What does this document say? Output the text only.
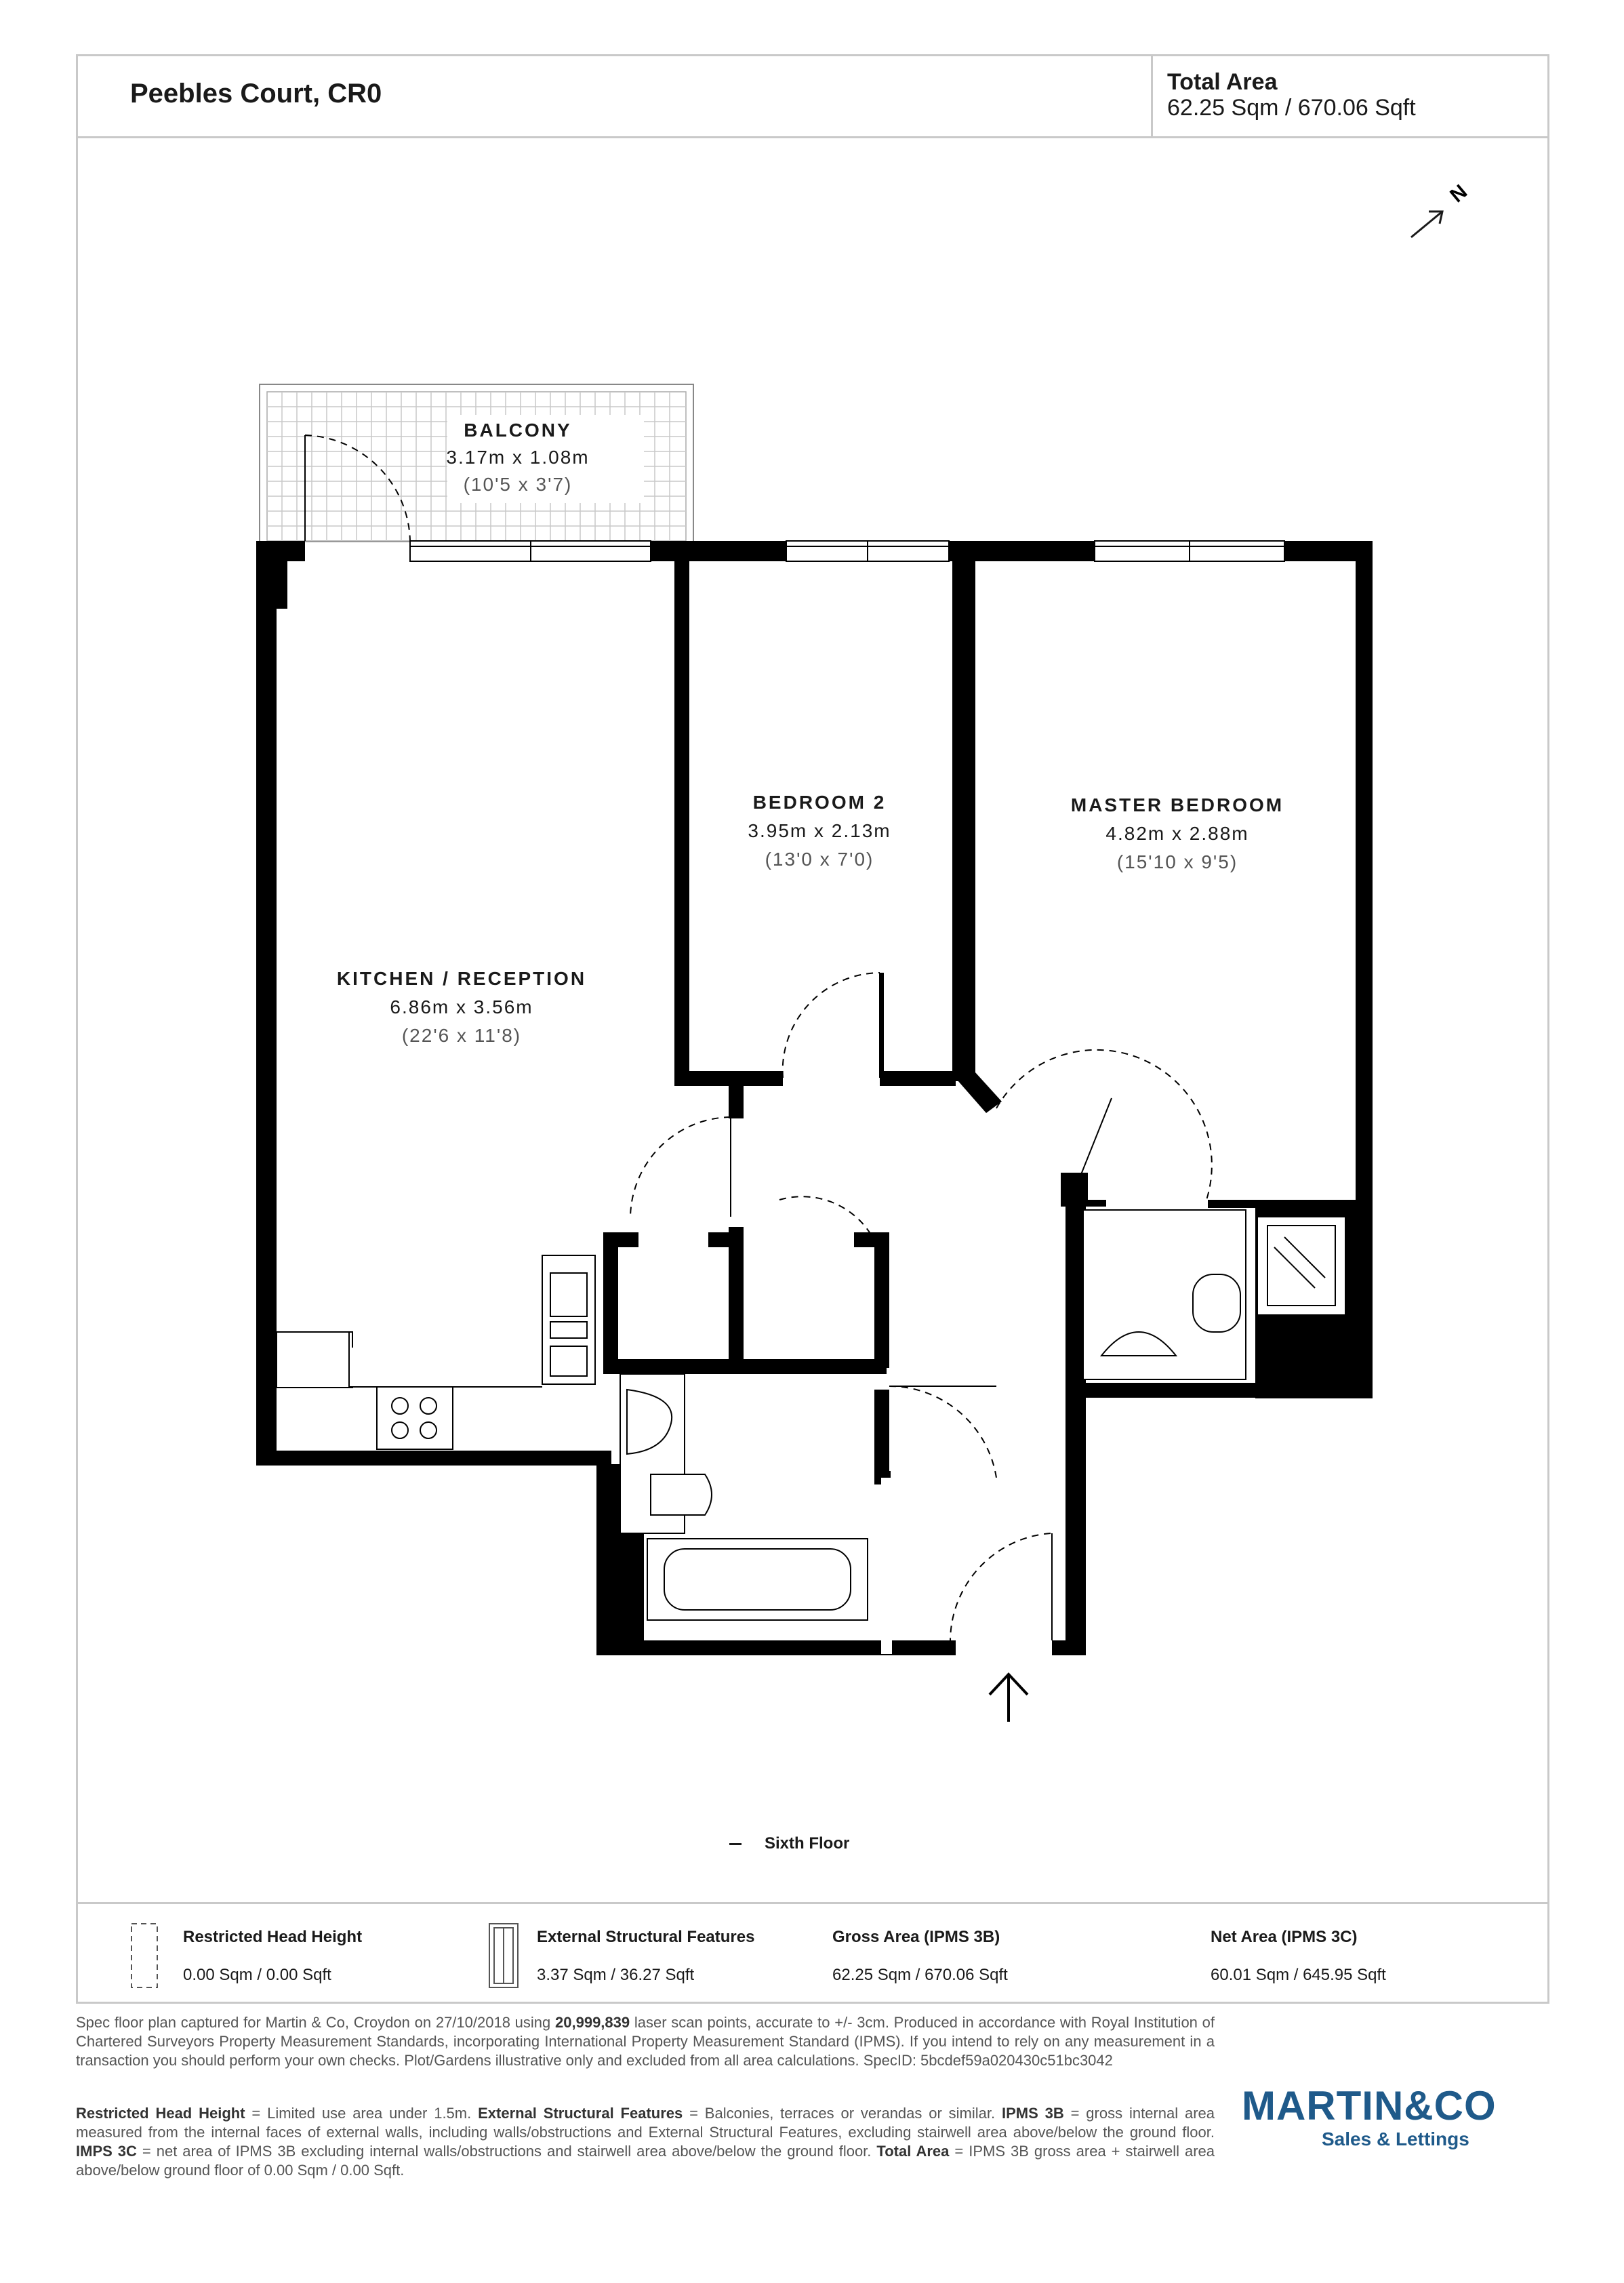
Peebles Court, CR0	Total Area
62.25 Sqm / 670.06 Sqft
N
BALCONY
3.17m x 1.08m
(10'5 x 3'7)
BEDROOM 2
3.95m x 2.13m
(13'0 x 7'0)
MASTER BEDROOM
4.82m x 2.88m
(15'10 x 9'5)
KITCHEN / RECEPTION
6.86m x 3.56m
(22'6 x 11'8)
Sixth Floor
Restricted Head Height
0.00 Sqm / 0.00 Sqft
External Structural Features
3.37 Sqm / 36.27 Sqft
Gross Area (IPMS 3B)
62.25 Sqm / 670.06 Sqft
Net Area (IPMS 3C)
60.01 Sqm / 645.95 Sqft
Spec floor plan captured for Martin & Co, Croydon on 27/10/2018 using 20,999,839 laser scan points, accurate to +/- 3cm. Produced in accordance with Royal Institution of Chartered Surveyors Property Measurement Standards, incorporating International Property Measurement Standard (IPMS). If you intend to rely on any measurement in a transaction you should perform your own checks. Plot/Gardens illustrative only and excluded from all area calculations. SpecID: 5bcdef59a020430c51bc3042
Restricted Head Height = Limited use area under 1.5m. External Structural Features = Balconies, terraces or verandas or similar. IPMS 3B = gross internal area measured from the internal faces of external walls, including walls/obstructions and External Structural Features, excluding stairwell area above/below the ground floor. IMPS 3C = net area of IPMS 3B excluding internal walls/obstructions and stairwell area above/below the ground floor. Total Area = IPMS 3B gross area + stairwell area above/below ground floor of 0.00 Sqm / 0.00 Sqft.
MARTIN&CO
Sales & Lettings
